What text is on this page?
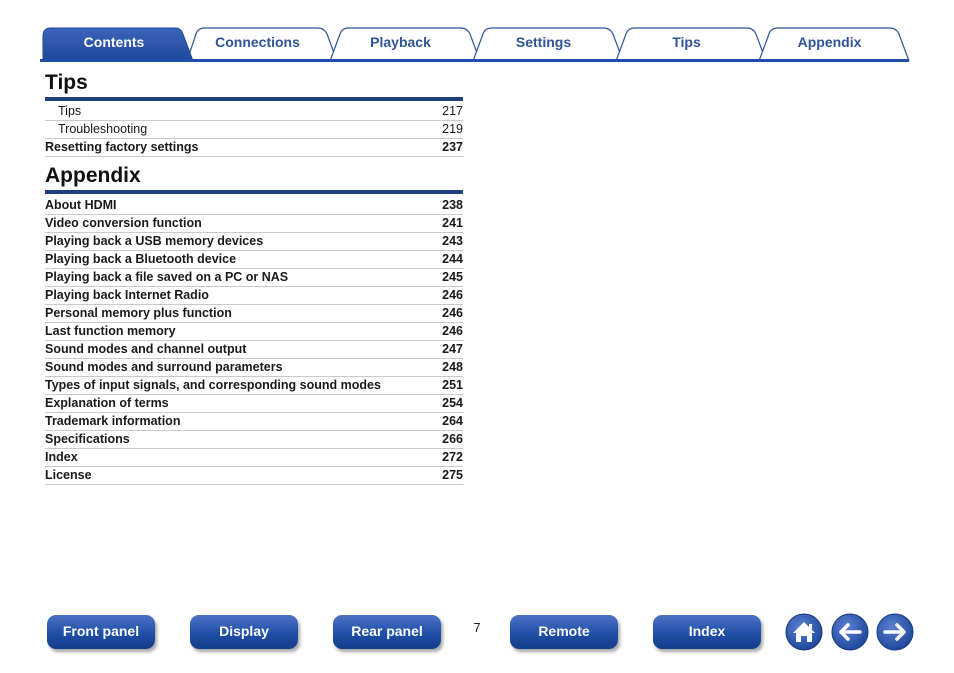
Contents	Connections	Playback	Settings	Tips	Appendix
Tips
Tips	217
Troubleshooting	219
Resetting factory settings	237
Appendix
About HDMI	238
Video conversion function	241
Playing back a USB memory devices	243
Playing back a Bluetooth device	244
Playing back a file saved on a PC or NAS	245
Playing back Internet Radio	246
Personal memory plus function	246
Last function memory	246
Sound modes and channel output	247
Sound modes and surround parameters	248
Types of input signals, and corresponding sound modes	251
Explanation of terms	254
Trademark information	264
Specifications	266
Index	272
License	275
Front panel	Display	Rear panel	7	Remote	Index
